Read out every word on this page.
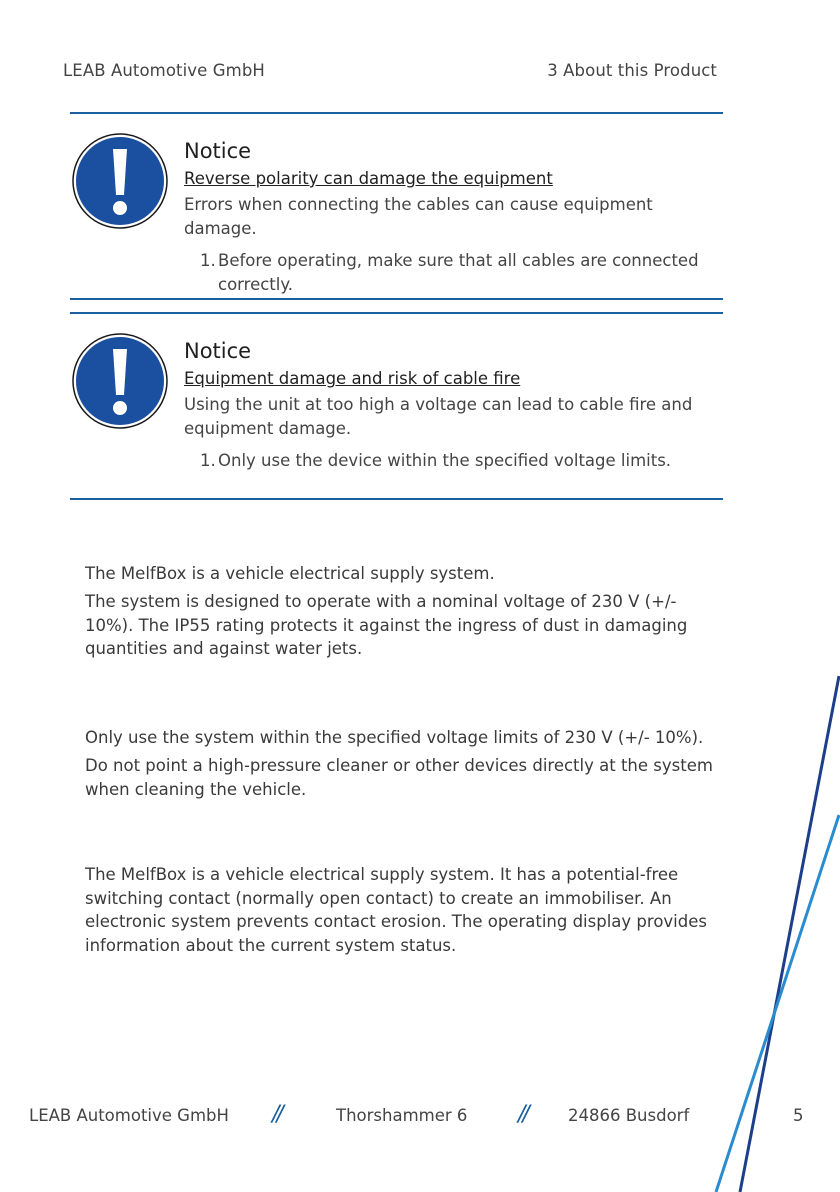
LEAB Automotive GmbH	3 About this Product

Notice

Reverse polarity can damage the equipment

Errors when connecting the cables can cause equipment damage.

1. Before operating, make sure that all cables are connected correctly.

Notice

Equipment damage and risk of cable fire

Using the unit at too high a voltage can lead to cable fire and equipment damage.

1. Only use the device within the specified voltage limits.

The MelfBox is a vehicle electrical supply system.

The system is designed to operate with a nominal voltage of 230 V (+/- 10%). The IP55 rating protects it against the ingress of dust in damaging quantities and against water jets.

Only use the system within the specified voltage limits of 230 V (+/- 10%).

Do not point a high-pressure cleaner or other devices directly at the system when cleaning the vehicle.

The MelfBox is a vehicle electrical supply system. It has a potential-free switching contact (normally open contact) to create an immobiliser. An electronic system prevents contact erosion. The operating display provides information about the current system status.

LEAB Automotive GmbH //	Thorshammer 6 // 24866 Busdorf	5
